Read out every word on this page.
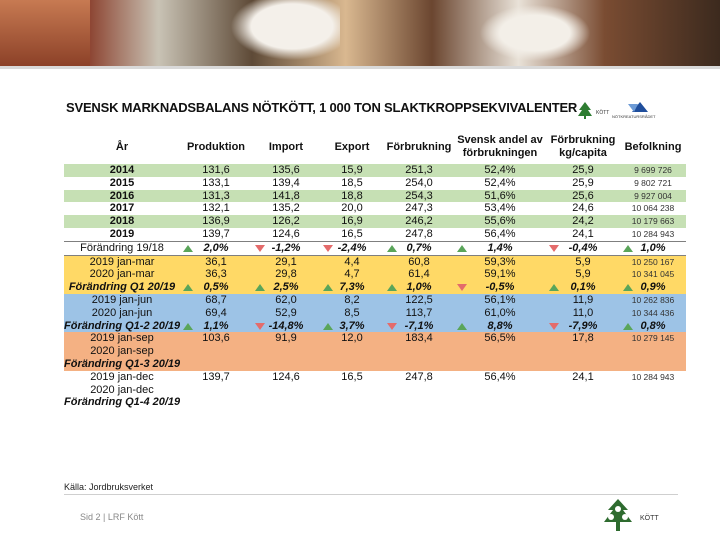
SVENSK MARKNADSBALANS NÖTKÖTT, 1 000 TON SLAKTKROPPSEKVIVALENTER	KÖTT
NÖTKREATURSRÅDET
År	Produktion	Import	Export	Förbrukning	Svensk andel av förbrukningen	Förbrukning kg/capita	Befolkning
2014	131,6	135,6	15,9	251,3	52,4%	25,9	9 699 726
2015	133,1	139,4	18,5	254,0	52,4%	25,9	9 802 721
2016	131,3	141,8	18,8	254,3	51,6%	25,6	9 927 004
2017	132,1	135,2	20,0	247,3	53,4%	24,6	10 064 238
2018	136,9	126,2	16,9	246,2	55,6%	24,2	10 179 663
2019	139,7	124,6	16,5	247,8	56,4%	24,1	10 284 943
Förändring 19/18	2,0%	-1,2%	-2,4%	0,7%	1,4%	-0,4%	1,0%
2019 jan-mar	36,1	29,1	4,4	60,8	59,3%	5,9	10 250 167
2020 jan-mar	36,3	29,8	4,7	61,4	59,1%	5,9	10 341 045
Förändring Q1 20/19	0,5%	2,5%	7,3%	1,0%	-0,5%	0,1%	0,9%
2019 jan-jun	68,7	62,0	8,2	122,5	56,1%	11,9	10 262 836
2020 jan-jun	69,4	52,9	8,5	113,7	61,0%	11,0	10 344 436
Förändring Q1-2 20/19	1,1%	-14,8%	3,7%	-7,1%	8,8%	-7,9%	0,8%
2019 jan-sep	103,6	91,9	12,0	183,4	56,5%	17,8	10 279 145
2020 jan-sep							
Förändring Q1-3 20/19							
2019 jan-dec	139,7	124,6	16,5	247,8	56,4%	24,1	10 284 943
2020 jan-dec							
Förändring Q1-4 20/19							
Källa: Jordbruksverket
Sid 2 | LRF Kött	KÖTT
